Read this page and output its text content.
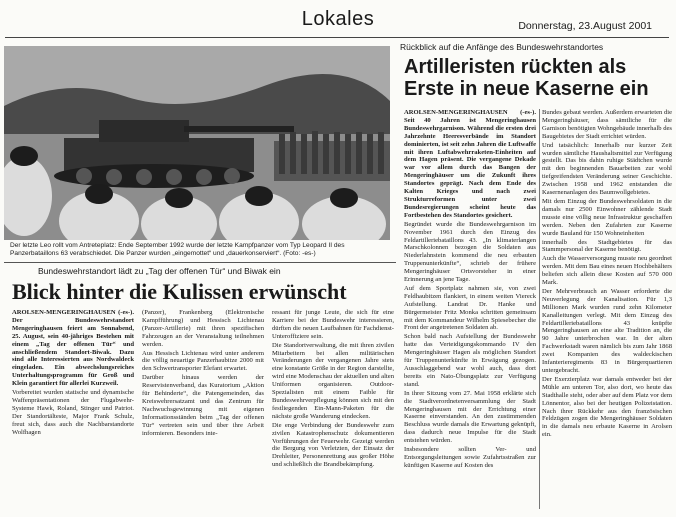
Lokales	Donnerstag, 23.August 2001
Der letzte Leo rollt vom Antreteplatz: Ende September 1992 wurde der letzte Kampfpanzer vom Typ Leopard II des Panzerbataillons 63 verabschiedet. Die Panzer wurden „eingemottet“ und „dauerkonserviert“. (Foto: -es-)
Rückblick auf die Anfänge des Bundeswehrstandortes
Artilleristen rückten als
Erste in neue Kaserne ein

AROLSEN-MENGERINGHAUSEN (-es-). Seit 40 Jahren ist Mengeringhausen Bundeswehrgarnison. Während die ersten drei Jahrzehnte Heeresverbände im Standort dominierten, ist seit zehn Jahren die Luftwaffe mit ihren Luftabwehrraketen-Einheiten auf dem Hagen präsent. Die vergangene Dekade war vor allem durch das Bangen der Mengeringhäuser um die Zukunft ihres Standortes geprägt. Nach dem Ende des Kalten Krieges und nach zwei Strukturreformen unter zwei Bundesregierungen scheint heute das Fortbestehen des Standortes gesichert.

Begründet wurde die Bundeswehrgarnison im November 1961 durch den Einzug des Feldartilleriebataillons 43. „In klimaterlangen Marschkolonnen bezogen die Soldaten aus Niederlahnstein kommend die neu erbauten Truppenunterkünfte“, schrieb der frühere Mengeringhäuser Ortsvorsteher in einer Erinnerung an jene Tage.

Auf dem Sportplatz nahmen sie, von zwei Feldhaubitzen flankiert, in einem weiten Viereck Aufstellung. Landrat Dr. Hanke und Bürgermeister Fritz Monka schritten gemeinsam mit dem Kommandeur Wilhelm Spiesebecher die Front der angetretenen Soldaten ab.

Schon bald nach Aufstellung der Bundeswehr hatte das Verteidigungskommando IV den Mengeringhäuser Hagen als möglichen Standort für Truppenunterkünfte in Erwägung gezogen. Ausschlaggebend war wohl auch, dass dort bereits ein Nato-Übungsplatz zur Verfügung stand.

In ihrer Sitzung vom 27. Mai 1958 erklärte sich die Stadtverordnetenversammlung der Stadt Mengeringhausen mit der Errichtung einer Kaserne einverstanden. An den zustimmenden Beschluss wurde damals die Erwartung geknüpft, dass dadurch neue Impulse für die Stadt entstehen würden.

Insbesondere sollten Ver- und Entsorgungsleitungen sowie Zufahrtsstraßen zur künftigen Kaserne auf Kosten des

Bundes gebaut werden. Außerdem erwarteten die Mengeringhäuser, dass sämtliche für die Garnison benötigten Wohngebäude innerhalb des Baugebietes der Stadt errichtet würden.

Und tatsächlich: Innerhalb nur kurzer Zeit wurden sämtliche Haushaltsmittel zur Verfügung gestellt. Das bis dahin ruhige Städtchen wurde mit den beginnenden Bauarbeiten zur wohl tiefgreifendsten Veränderung seiner Geschichte. Zwischen 1958 und 1962 entstanden die Kasernenanlagen des Baumwollgebietes.

Mit dem Einzug der Bundeswehrsoldaten in die damals nur 2500 Einwohner zählende Stadt musste eine völlig neue Infrastruktur geschaffen werden. Neben den Zufahrten zur Kaserne wurde Bauland für 150 Wohneinheiten

innerhalb des Stadtgebietes für das Stammpersonal der Kaserne benötigt.

Auch die Wasserversorgung musste neu geordnet werden. Mit dem Bau eines neuen Hochbehälters beliefen sich allein diese Kosten auf 570 000 Mark.

Der Mehrverbrauch an Wasser erforderte die Neuverlegung der Kanalisation. Für 1,3 Millionen Mark wurden rund zehn Kilometer Kanalleitungen verlegt. Mit dem Einzug des Feldartilleriebataillons 43 knüpfte Mengeringhausen an eine alte Tradition an, die 90 Jahre unterbrochen war. In der alten Fachwerkstadt waren nämlich bis zum Jahr 1868 zwei Kompanien des waldeckischen Infanterieregiments 83 in Bürgerquartieren untergebracht.

Der Exerzierplatz war damals entweder bei der Mühle am unteren Tor, also dort, wo heute das Stadthalle steht, oder aber auf dem Platz vor dem Lönnentor, also bei der heutigen Polizeistation. Nach ihrer Rückkehr aus den französischen Feldzügen zogen die Mengeringhäuser Soldaten in die damals neu erbaute Kaserne in Arolsen ein.

Bundeswehrstandort lädt zu „Tag der offenen Tür“ und Biwak ein
Blick hinter die Kulissen erwünscht

AROLSEN-MENGERINGHAUSEN (-es-). Der Bundeswehrstandort Mengeringhausen feiert am Sonnabend, 25. August, sein 40-jähriges Bestehen mit einem „Tag der offenen Tür“ und anschließendem Standort-Biwak. Dazu sind alle Interessierten aus Nordwaldeck eingeladen. Ein abwechslungsreiches Unterhaltungsprogramm für Groß und Klein garantiert für allerlei Kurzweil.

Vorbereitet wurden statische und dynamische Waffenpräsentationen der Flugabwehr-Systeme Hawk, Roland, Stinger und Patriot. Der Standortälteste, Major Frank Schulz, freut sich, dass auch die Nachbarstandorte Wolfhagen

(Panzer), Frankenberg (Elektronische Kampfführung) und Hessisch Lichtenau (Panzer-Artillerie) mit ihren spezifischen Fahrzeugen an der Veranstaltung teilnehmen werden.

Aus Hessisch Lichtenau wird unter anderem die völlig neuartige Panzerhaubitze 2000 mit den Schwertransporter Elefant erwartet.

Darüber hinaus werden der Reservistenverband, das Kuratorium „Aktion für Behinderte“, die Patengemeinden, das Kreiswehrersatzamt und das Zentrum für Nachwuchsgewinnung mit eigenen Informationsständen beim „Tag der offenen Tür“ vertreten sein und über ihre Arbeit informieren. Besonders inte-

ressant für junge Leute, die sich für eine Karriere bei der Bundeswehr interessieren, dürften die neuen Laufbahnen für Fachdienst-Unteroffiziere sein.

Die Standortverwaltung, die mit ihren zivilen Mitarbeitern bei allen militärischen Veränderungen der vergangenen Jahre stets eine konstante Größe in der Region darstellte, wird eine Modenschau der aktuellen und alten Uniformen organisieren. Outdoor-Spezialisten mit einem Faible für Bundeswehrverpflegung können sich mit den festliegenden Ein-Mann-Paketen für die nächste große Wanderung eindecken.

Die enge Verbindung der Bundeswehr zum zivilen Katastrophenschutz dokumentieren Vorführungen der Feuerwehr. Gezeigt werden die Bergung von Verletzten, der Einsatz der Drehleiter, Personenrettung aus großer Höhe und schließlich die Brandbekämpfung.
